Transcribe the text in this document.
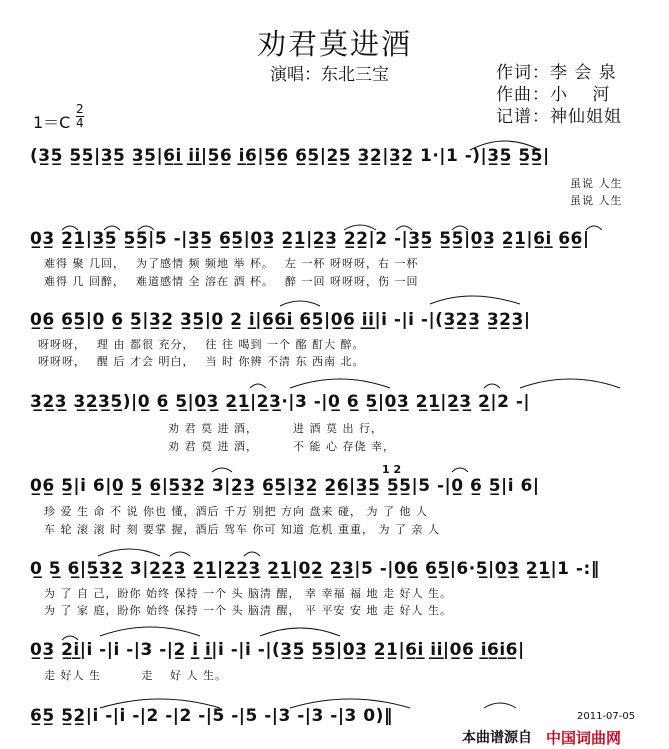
劝君莫进酒
演唱：东北三宝	作词：李 会 泉
作曲：小　 河
记谱：神仙姐姐
1＝C
2
4
(3̲5̲ 5̲5̲|3̲5̲ 3̲5̲|6̲i̲ i̲i̲|5̲6̲ i̲6̲|5̲6̲ 6̲5̲|2̲5̲ 3̲2̲|3̲2̲ 1·|1 -)|3̲5̲ 5̲5̲|
虽说 人生
虽说 人生
0̲3̲ 2̲1̲|3̲5̲ 5̲5̲|5 -|3̲5̲ 6̲5̲|0̲3̲ 2̲1̲|2̲3̲ 2̲2̲|2 -|3̲5̲ 5̲5̲|0̲3̲ 2̲1̲|6̲i̲ 6̲6̲|
难得 聚 几回，　 为了感情 频 频地 举 杯。　 左 一杯 呀呀呀，右 一杯
难得 几 回醉，　 难道感情 全 溶在 酒 杯。　 醉 一回 呀呀呀，伤 一回
0̲6̲ 6̲5̲|0̲ 6̲ 5̲|3̲2̲ 3̲5̲|0̲ 2̲ i̲|6̲6̲i̲ 6̲5̲|0̲6̲ i̲i̲|i -|i -|(3̲2̲3̲ 3̲2̲3̲|
呀呀呀，　 理 由 都很 充分，　 往 往 喝到 一个 酩 酊大 醉。
呀呀呀，　 醒 后 才会 明白，　 当 时 你辨 不清 东 西南 北。
3̲2̲3̲ 3̲2̲3̲5̲)|0̲ 6̲ 5̲|0̲3̲ 2̲1̲|2̲3̲·|3 -|0̲ 6̲ 5̲|0̲3̲ 2̲1̲|2̲3̲ 2̲|2 -|
劝 君 莫 进 酒，　　　 进 酒 莫 出 行，
劝 君 莫 进 酒，　　　 不 能 心 存侥 幸，
1 2
0̲6̲ 5̲|i 6|0̲ 5̲ 6̲|5̲3̲2̲ 3|2̲3̲ 6̲5̲|3̲2̲ 2̲6̲|3̲5̲ 5̲5̲|5 -|0̲ 6̲ 5̲|i 6|
珍 爱 生 命 不 说 你也 懂，酒后 千万 别把 方向 盘来 碰， 为 了 他 人
车 轮 滚 滚 时 刻 要掌 握，酒后 驾车 你可 知道 危机 重重， 为 了 亲 人
0̲ 5̲ 6̲|5̲3̲2̲ 3|2̲2̲3̲ 2̲1̲|2̲2̲3̲ 2̲1̲|0̲2̲ 2̲3̲|5 -|0̲6̲ 6̲5̲|6·5̲|0̲3̲ 2̲1̲|1 -:‖
为 了 自 己，盼你 始终 保持 一个 头 脑清 醒， 幸 幸福 福 地 走 好人 生。
为 了 家 庭，盼你 始终 保持 一个 头 脑清 醒， 平 平安 安 地 走 好人 生。
0̲3̲ 2̲i̲|i -|i -|3 -|2̲ i̲ i̲|i -|i -|(3̲5̲ 5̲5̲|0̲3̲ 2̲1̲|6̲i̲ i̲i̲|0̲6̲ i̲6̲i̲6̲|
走 好人 生　　　 走　 好 人 生。
6̲5̲ 5̲2̲|i -|i -|2 -|2 -|5 -|5 -|3 -|3 -|3 0)‖	2011-07-05
本曲谱源自 中国词曲网
